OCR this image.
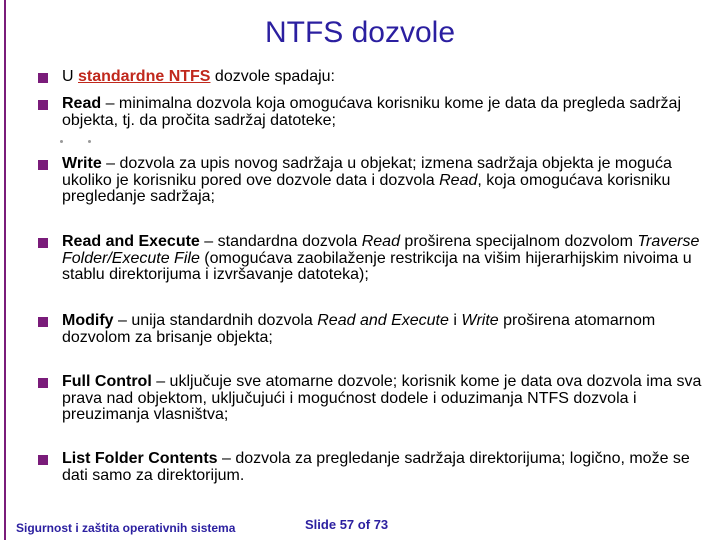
NTFS dozvole
U standardne NTFS dozvole spadaju:
Read – minimalna dozvola koja omogućava korisniku kome je data da pregleda sadržaj objekta, tj. da pročita sadržaj datoteke;
Write – dozvola za upis novog sadržaja u objekat; izmena sadržaja objekta je moguća ukoliko je korisniku pored ove dozvole data i dozvola Read, koja omogućava korisniku pregledanje sadržaja;
Read and Execute – standardna dozvola Read proširena specijalnom dozvolom Traverse Folder/Execute File (omogućava zaobilaženje restrikcija na višim hijerarhijskim nivoima u stablu direktorijuma i izvršavanje datoteka);
Modify – unija standardnih dozvola Read and Execute i Write proširena atomarnom dozvolom za brisanje objekta;
Full Control – uključuje sve atomarne dozvole; korisnik kome je data ova dozvola ima sva prava nad objektom, uključujući i mogućnost dodele i oduzimanja NTFS dozvola i preuzimanja vlasništva;
List Folder Contents – dozvola za pregledanje sadržaja direktorijuma; logično, može se dati samo za direktorijum.
Sigurnost i zaštita operativnih sistema	Slide 57 of 73
